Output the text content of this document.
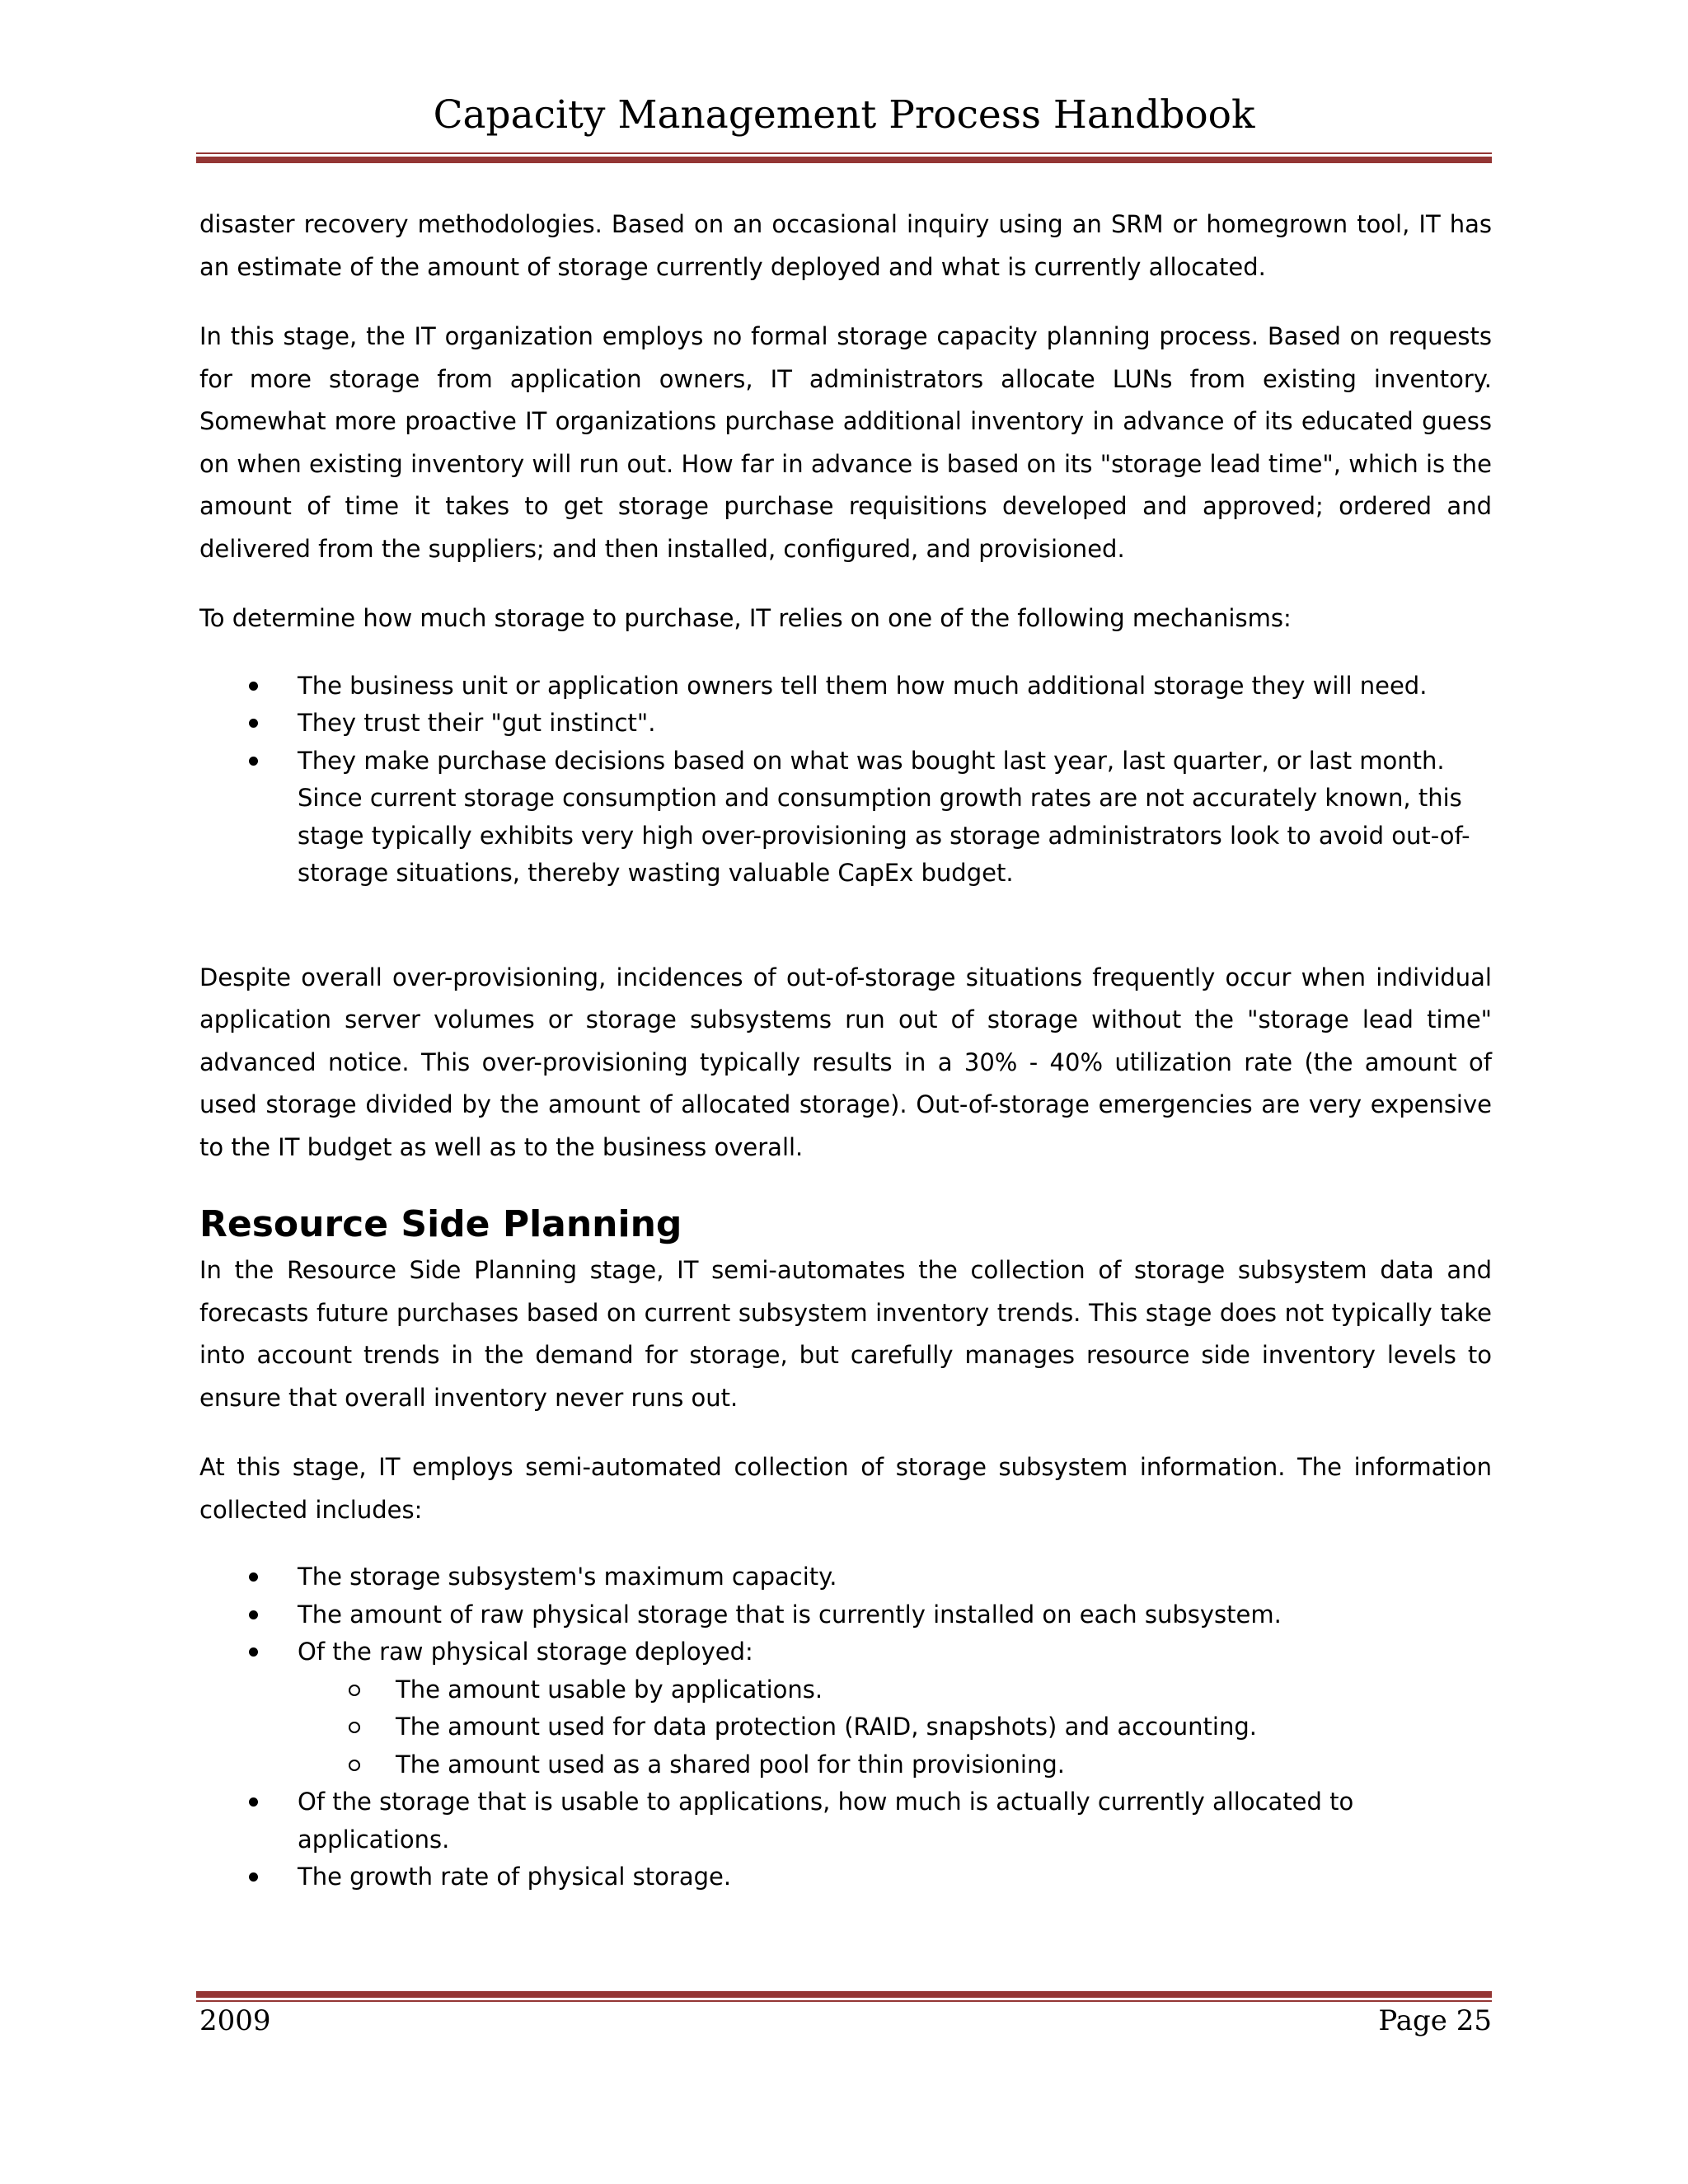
Capacity Management Process Handbook

disaster recovery methodologies. Based on an occasional inquiry using an SRM or homegrown tool, IT has an estimate of the amount of storage currently deployed and what is currently allocated.

In this stage, the IT organization employs no formal storage capacity planning process. Based on requests for more storage from application owners, IT administrators allocate LUNs from existing inventory. Somewhat more proactive IT organizations purchase additional inventory in advance of its educated guess on when existing inventory will run out. How far in advance is based on its "storage lead time", which is the amount of time it takes to get storage purchase requisitions developed and approved; ordered and delivered from the suppliers; and then installed, configured, and provisioned.

To determine how much storage to purchase, IT relies on one of the following mechanisms:

The business unit or application owners tell them how much additional storage they will need.
They trust their "gut instinct".
They make purchase decisions based on what was bought last year, last quarter, or last month. Since current storage consumption and consumption growth rates are not accurately known, this stage typically exhibits very high over-provisioning as storage administrators look to avoid out-of-storage situations, thereby wasting valuable CapEx budget.

Despite overall over-provisioning, incidences of out-of-storage situations frequently occur when individual application server volumes or storage subsystems run out of storage without the "storage lead time" advanced notice. This over-provisioning typically results in a 30% - 40% utilization rate (the amount of used storage divided by the amount of allocated storage). Out-of-storage emergencies are very expensive to the IT budget as well as to the business overall.

Resource Side Planning

In the Resource Side Planning stage, IT semi-automates the collection of storage subsystem data and forecasts future purchases based on current subsystem inventory trends. This stage does not typically take into account trends in the demand for storage, but carefully manages resource side inventory levels to ensure that overall inventory never runs out.

At this stage, IT employs semi-automated collection of storage subsystem information. The information collected includes:

The storage subsystem's maximum capacity.
The amount of raw physical storage that is currently installed on each subsystem.
Of the raw physical storage deployed:
The amount usable by applications.
The amount used for data protection (RAID, snapshots) and accounting.
The amount used as a shared pool for thin provisioning.
Of the storage that is usable to applications, how much is actually currently allocated to applications.
The growth rate of physical storage.
2009	Page 25
